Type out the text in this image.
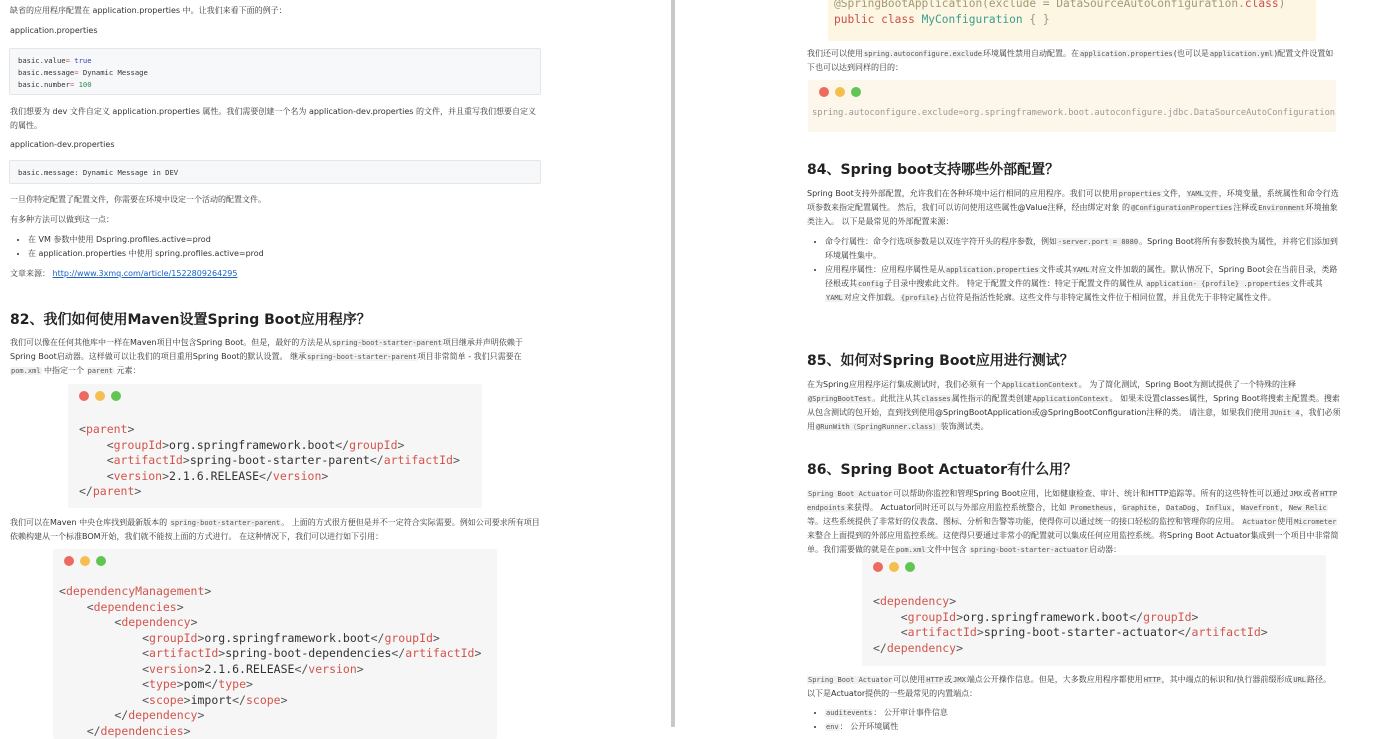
缺省的应用程序配置在 application.properties 中。让我们来看下面的例子：
application.properties
basic.value= true
basic.message= Dynamic Message
basic.number= 100
我们想要为 dev 文件自定义 application.properties 属性。我们需要创建一个名为 application-dev.properties 的文件，并且重写我们想要自定义的属性。
application-dev.properties
basic.message: Dynamic Message in DEV
一旦你特定配置了配置文件，你需要在环境中设定一个活动的配置文件。
有多种方法可以做到这一点：
• 在 VM 参数中使用 Dspring.profiles.active=prod
• 在 application.properties 中使用 spring.profiles.active=prod
文章来源： http://www.3xmq.com/article/1522809264295
82、我们如何使用Maven设置Spring Boot应用程序？
我们可以像在任何其他库中一样在Maven项目中包含Spring Boot。但是，最好的方法是从spring-boot-starter-parent项目继承并声明依赖于Spring Boot启动器。这样做可以让我们的项目重用Spring Boot的默认设置。 继承spring-boot-starter-parent项目非常简单 - 我们只需要在 pom.xml 中指定一个 parent 元素：
<parent>
<groupId>org.springframework.boot</groupId>
<artifactId>spring-boot-starter-parent</artifactId>
<version>2.1.6.RELEASE</version>
</parent>
我们可以在Maven 中央仓库找到最新版本的 spring-boot-starter-parent。 上面的方式很方便但是并不一定符合实际需要。例如公司要求所有项目依赖构建从一个标准BOM开始，我们就不能按上面的方式进行。 在这种情况下，我们可以进行如下引用：
<dependencyManagement>
<dependencies>
<dependency>
<groupId>org.springframework.boot</groupId>
<artifactId>spring-boot-dependencies</artifactId>
<version>2.1.6.RELEASE</version>
<type>pom</type>
<scope>import</scope>
</dependency>
</dependencies>
@SpringBootApplication(exclude = DataSourceAutoConfiguration.class)
public class MyConfiguration { }
我们还可以使用spring.autoconfigure.exclude环境属性禁用自动配置。在application.properties(也可以是application.yml)配置文件设置如下也可以达到同样的目的：
spring.autoconfigure.exclude=org.springframework.boot.autoconfigure.jdbc.DataSourceAutoConfiguration
84、Spring boot支持哪些外部配置？
Spring Boot支持外部配置，允许我们在各种环境中运行相同的应用程序。我们可以使用properties文件，YAML文件，环境变量，系统属性和命令行选项参数来指定配置属性。 然后，我们可以访问使用这些属性@Value注释，经由绑定对象 的@ConfigurationProperties注释或Environment环境抽象类注入。 以下是最常见的外部配置来源：
• 命令行属性：命令行选项参数是以双连字符开头的程序参数，例如-server.port = 8080。Spring Boot将所有参数转换为属性，并将它们添加到环境属性集中。
• 应用程序属性：应用程序属性是从application.properties文件或其YAML对应文件加载的属性。默认情况下，Spring Boot会在当前目录，类路径根或其config子目录中搜索此文件。 特定于配置文件的属性：特定于配置文件的属性从 application- {profile} .properties文件或其YAML对应文件加载。{profile}占位符是指活性轮廓。这些文件与非特定属性文件位于相同位置，并且优先于非特定属性文件。
85、如何对Spring Boot应用进行测试？
在为Spring应用程序运行集成测试时，我们必须有一个ApplicationContext。 为了简化测试，Spring Boot为测试提供了一个特殊的注释@SpringBootTest。此批注从其classes属性指示的配置类创建ApplicationContext。 如果未设置classes属性，Spring Boot将搜索主配置类。搜索从包含测试的包开始，直到找到使用@SpringBootApplication或@SpringBootConfiguration注释的类。 请注意，如果我们使用JUnit 4，我们必须用@RunWith（SpringRunner.class）装饰测试类。
86、Spring Boot Actuator有什么用？
Spring Boot Actuator可以帮助你监控和管理Spring Boot应用，比如健康检查、审计、统计和HTTP追踪等。所有的这些特性可以通过JMX或者HTTP endpoints来获得。 Actuator同时还可以与外部应用监控系统整合，比如 Prometheus，Graphite，DataDog，Influx，Wavefront，New Relic等。这些系统提供了非常好的仪表盘、图标、分析和告警等功能，使得你可以通过统一的接口轻松的监控和管理你的应用。 Actuator使用Micrometer来整合上面提到的外部应用监控系统。这使得只要通过非常小的配置就可以集成任何应用监控系统。将Spring Boot Actuator集成到一个项目中非常简单。我们需要做的就是在pom.xml文件中包含 spring-boot-starter-actuator启动器：
<dependency>
<groupId>org.springframework.boot</groupId>
<artifactId>spring-boot-starter-actuator</artifactId>
</dependency>
Spring Boot Actuator可以使用HTTP或JMX端点公开操作信息。但是，大多数应用程序都使用HTTP，其中端点的标识和/执行器前缀形成URL路径。 以下是Actuator提供的一些最常见的内置端点：
• auditevents： 公开审计事件信息
• env： 公开环境属性
